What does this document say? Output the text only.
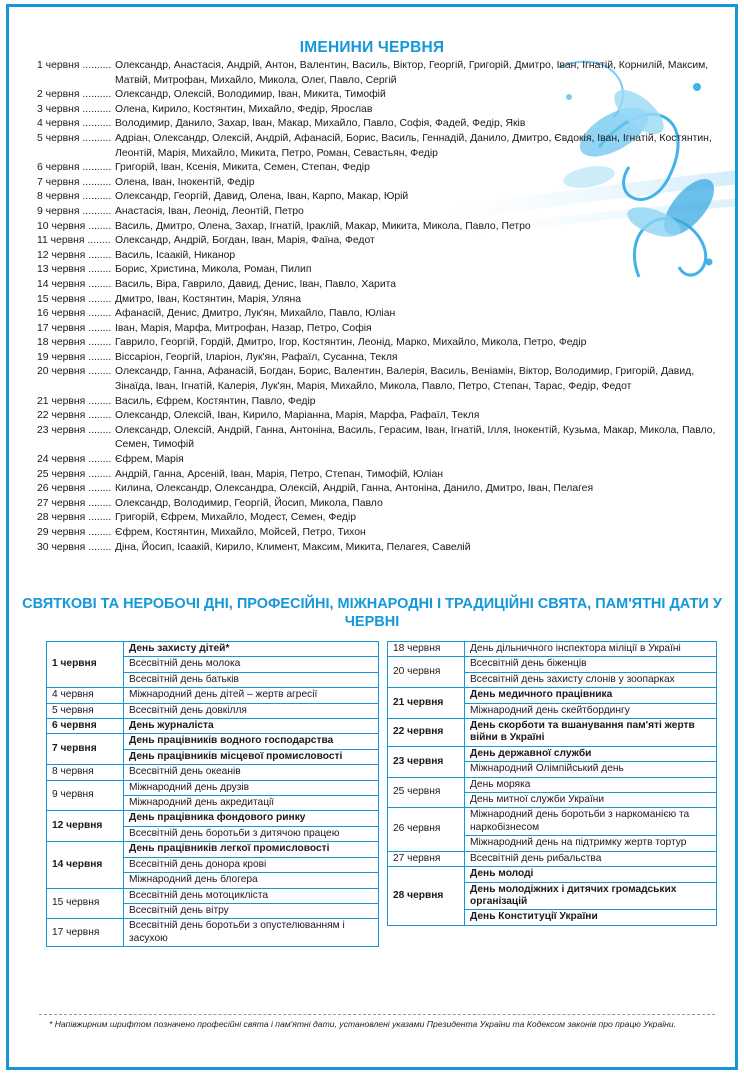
ІМЕНИНИ ЧЕРВНЯ
1 червня .....	Олександр, Анастасія, Андрій, Антон, Валентин, Василь, Віктор, Георгій, Григорій, Дмитро, Іван, Ігнатій, Корнилій, Максим, Матвій, Митрофан, Михайло, Микола, Олег, Павло, Сергій
2 червня .....	Олександр, Олексій, Володимир, Іван, Микита, Тимофій
3 червня .....	Олена, Кирило, Костянтин, Михайло, Федір, Ярослав
4 червня .....	Володимир, Данило, Захар, Іван, Макар, Михайло, Павло, Софія, Фадей, Федір, Яків
5 червня .....	Адріан, Олександр, Олексій, Андрій, Афанасій, Борис, Василь, Геннадій, Данило, Дмитро, Євдокія, Іван, Ігнатій, Костянтин, Леонтій, Марія, Михайло, Микита, Петро, Роман, Севастьян, Федір
6 червня .....	Григорій, Іван, Ксенія, Микита, Семен, Степан, Федір
7 червня .....	Олена, Іван, Інокентій, Федір
8 червня .....	Олександр, Георгій, Давид, Олена, Іван, Карпо, Макар, Юрій
9 червня .....	Анастасія, Іван, Леонід, Леонтій, Петро
10 червня .....	Василь, Дмитро, Олена, Захар, Ігнатій, Іраклій, Макар, Микита, Микола, Павло, Петро
11 червня .....	Олександр, Андрій, Богдан, Іван, Марія, Фаїна, Федот
12 червня .....	Василь, Ісаакій, Никанор
13 червня .....	Борис, Христина, Микола, Роман, Пилип
14 червня .....	Василь, Віра, Гаврило, Давид, Денис, Іван, Павло, Харита
15 червня .....	Дмитро, Іван, Костянтин, Марія, Уляна
16 червня .....	Афанасій, Денис, Дмитро, Лук'ян, Михайло, Павло, Юліан
17 червня .....	Іван, Марія, Марфа, Митрофан, Назар, Петро, Софія
18 червня .....	Гаврило, Георгій, Гордій, Дмитро, Ігор, Костянтин, Леонід, Марко, Михайло, Микола, Петро, Федір
19 червня .....	Віссаріон, Георгій, Іларіон, Лук'ян, Рафаїл, Сусанна, Текля
20 червня .....	Олександр, Ганна, Афанасій, Богдан, Борис, Валентин, Валерія, Василь, Веніамін, Віктор, Володимир, Григорій, Давид, Зінаїда, Іван, Ігнатій, Калерія, Лук'ян, Марія, Михайло, Микола, Павло, Петро, Степан, Тарас, Федір, Федот
21 червня .....	Василь, Єфрем, Костянтин, Павло, Федір
22 червня .....	Олександр, Олексій, Іван, Кирило, Маріанна, Марія, Марфа, Рафаїл, Текля
23 червня .....	Олександр, Олексій, Андрій, Ганна, Антоніна, Василь, Герасим, Іван, Ігнатій, Ілля, Інокентій, Кузьма, Макар, Микола, Павло, Семен, Тимофій
24 червня .....	Єфрем, Марія
25 червня .....	Андрій, Ганна, Арсеній, Іван, Марія, Петро, Степан, Тимофій, Юліан
26 червня .....	Килина, Олександр, Олександра, Олексій, Андрій, Ганна, Антоніна, Данило, Дмитро, Іван, Пелагея
27 червня .....	Олександр, Володимир, Георгій, Йосип, Микола, Павло
28 червня .....	Григорій, Єфрем, Михайло, Модест, Семен, Федір
29 червня .....	Єфрем, Костянтин, Михайло, Мойсей, Петро, Тихон
30 червня .....	Діна, Йосип, Ісаакій, Кирило, Климент, Максим, Микита, Пелагея, Савелій
СВЯТКОВІ ТА НЕРОБОЧІ ДНІ, ПРОФЕСІЙНІ, МІЖНАРОДНІ І ТРАДИЦІЙНІ СВЯТА, ПАМ'ЯТНІ ДАТИ У ЧЕРВНІ
1 червня	День захисту дітей*
	Всесвітній день молока
	Всесвітній день батьків
4 червня	Міжнародний день дітей – жертв агресії
5 червня	Всесвітній день довкілля
6 червня	День журналіста
7 червня	День працівників водного господарства
	День працівників місцевої промисловості
8 червня	Всесвітній день океанів
9 червня	Міжнародний день друзів
	Міжнародний день акредитації
12 червня	День працівника фондового ринку
	Всесвітній день боротьби з дитячою працею
14 червня	День працівників легкої промисловості
	Всесвітній день донора крові
	Міжнародний день блогера
15 червня	Всесвітній день мотоцикліста
	Всесвітній день вітру
17 червня	Всесвітній день боротьби з опустелюванням і засухою
18 червня	День дільничного інспектора міліції в Україні
20 червня	Всесвітній день біженців
	Всесвітній день захисту слонів у зоопарках
21 червня	День медичного працівника
	Міжнародний день скейтбордингу
22 червня	День скорботи та вшанування пам'яті жертв війни в Україні
23 червня	День державної служби
	Міжнародний Олімпійський день
25 червня	День моряка
	День митної служби України
26 червня	Міжнародний день боротьби з наркоманією та наркобізнесом
	Міжнародний день на підтримку жертв тортур
27 червня	Всесвітній день рибальства
28 червня	День молоді
	День молодіжних і дитячих громадських організацій
	День Конституції України
* Напівжирним шрифтом позначено професійні свята і пам'ятні дати, установлені указами Президента України та Кодексом законів про працю України.
